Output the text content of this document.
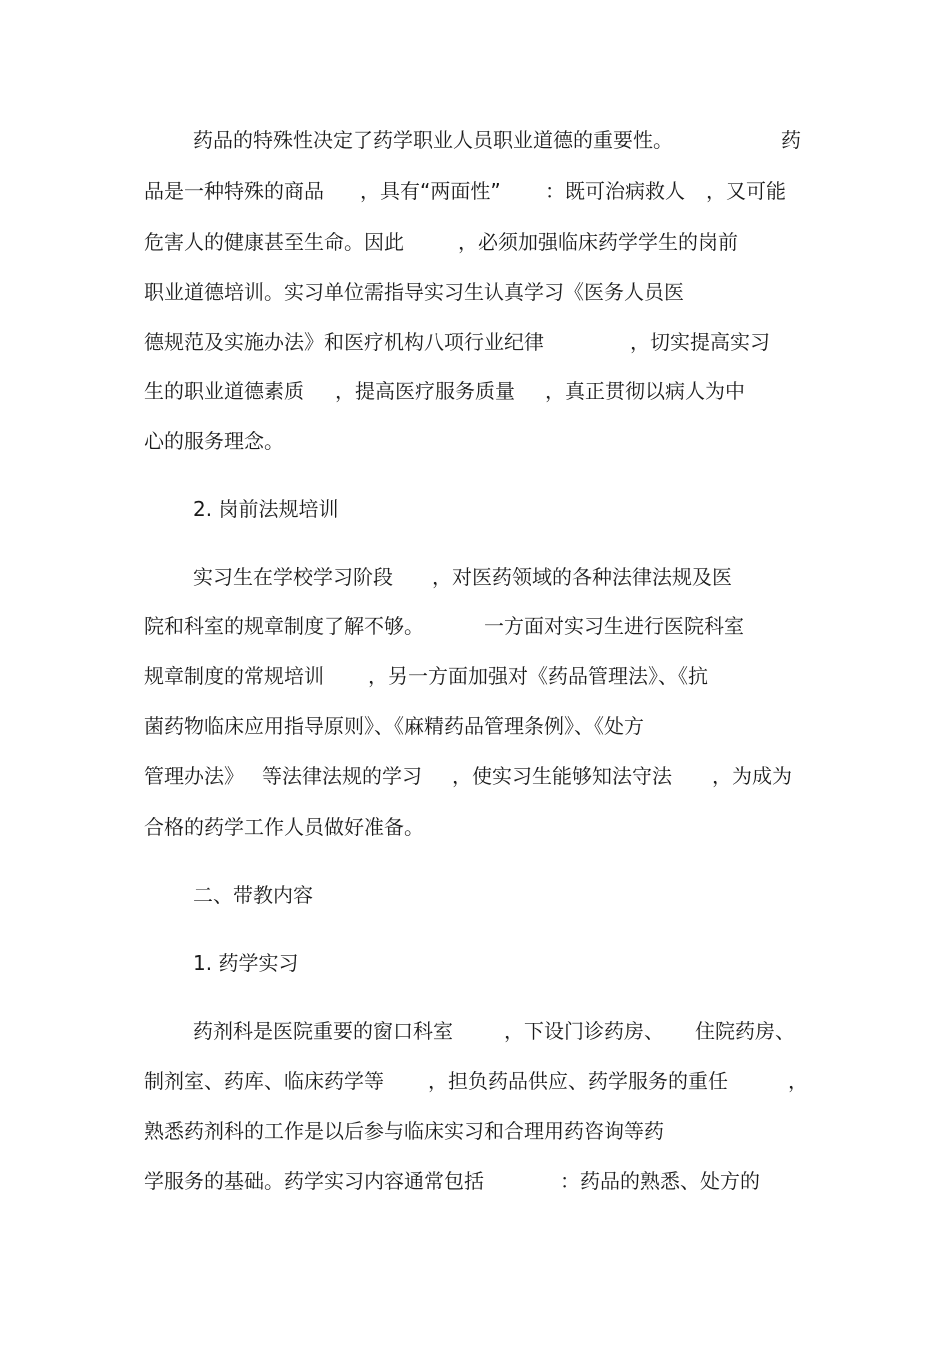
药品的特殊性决定了药学职业人员职业道德的重要性。	药
品是一种特殊的商品 ，具有“两面性” ：既可治病救人 ，又可能
危害人的健康甚至生命。因此	，必须加强临床药学学生的岗前
职业道德培训。实习单位需指导实习生认真学习《医务人员医
德规范及实施办法》和医疗机构八项行业纪律	，切实提高实习
生的职业道德素质 ，提高医疗服务质量 ，真正贯彻以病人为中
心的服务理念。
2. 岗前法规培训
实习生在学校学习阶段 ，对医药领域的各种法律法规及医
院和科室的规章制度了解不够。	一方面对实习生进行医院科室
规章制度的常规培训 ，另一方面加强对《药品管理法》、《抗
菌药物临床应用指导原则》、《麻精药品管理条例》、《处方
管理办法》 等法律法规的学习 ，使实习生能够知法守法 ，为成为
合格的药学工作人员做好准备。
二、带教内容
1. 药学实习
药剂科是医院重要的窗口科室	，下设门诊药房、 住院药房、
制剂室、药库、临床药学等 ，担负药品供应、药学服务的重任	，
熟悉药剂科的工作是以后参与临床实习和合理用药咨询等药
学服务的基础。药学实习内容通常包括	：药品的熟悉、处方的
